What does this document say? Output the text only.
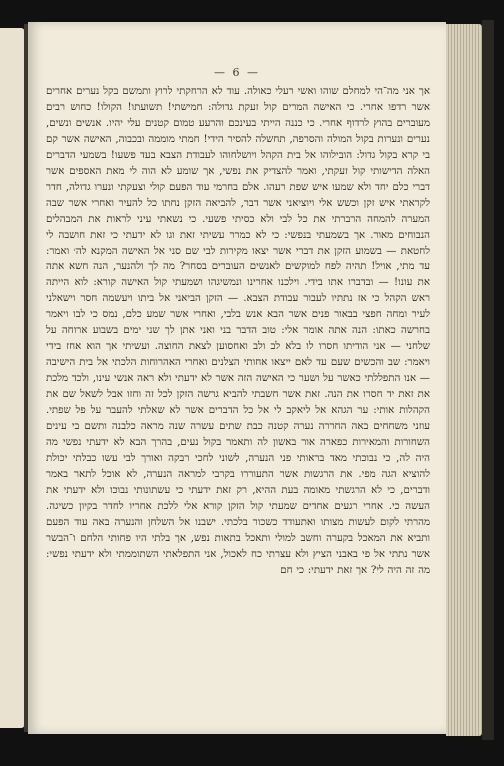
— 6 —
אך אני מה־הי למחלם שוהו ואשי רעלי כאולה. עוד לא הרחקתי לרוץ ותמשם בקל נערים אחרים אשר רדפו אחרי. כי האישה המרים קול זעקת גדולה: חמישתי! תשועתו! הקולו! כחוש רבים מעוברים בהוץ לרדוף אחרי. כי כננה הייתי בעינכם והרעע טמום קטנים עלי יהיו. אנשים ונשים, נערים ונערות בקול המולה והסרפה, תחשלה להסיר הידי! חמתי מוממה ובכבוה, האישה אשר קם בי קרא בקול גדול: הובילוהו אל בית הקהל ויושלחוהו לעבודת הצבא בעד פשעו! בשמעי הדברים האלה הדישותי קול זעקתי, ואמר להצדיק את נפשי, אך שומע לא הוה לי מאת האספים אשר דברי כלם יחד ולא שמעו איש שפת רעהו. אלם בחרמי עוד הפעם קולי וצעקתי ונערו גדולה, חדר לקראתי איש זקן וכשש אלי ויוציאני אשר דבר, להביאה הזקן נחתו כל להעיר ואחרי אשר שבה המערה להמחה הרברתי את כל לבי ולא כסיתי פשעי. כי נשאתי עיני לראות את המבהלים הנבוחים מאור. אך בשמעתי בנפשי: כי לא כמרר עשיתי זאת וגו לא ידעתי כי זאת חושבה לי לחטאת — בשמוע הזקן את דברי אשר יצאו מקירות לבי שם סני אל האישה המקנא לה׳ ואמר: עד מתי, אויל! תהיה לפח למוקשים לאנשים העוברים בסחר? מה לך ולהנער, הנה חשא אתה את עונו! — ובדברו אתו בידי. וילכנו אחרינו ונמשיגהו ושמעתי קול האישה קורא: לוא הייתה ראש הקהל כי אז נתתיו לעבור עבודת הצבא. — הזקן הביאני אל ביתו ויעשמה חסר וישאלני לעיר ומחה חפצי בבאור פנים אשר הבא אנש בלבי, ואחרי אשר שמע כלם, נמס כי לבו ויאמר בחרשה כאתו: הנה אתה אומר אלי: טוב הדבר בני ואני אתן לך שני ימים בשבוע ארוחה על שלחני — אני הודיתו חסרו לו בלא לב ולב ואחסוען לצאת החוצה. ועשיתי אך הוא אחז בידי ויאמר: שב והכשים שעם עד לאם ייצאו אחותי הצלנים ואחרי האהרוחות הלכתי אל בית הישיבה — אנו התפללתי כאשר על ושער כי האישה הזה אשר לא ידעתי ולא ראה אנשי עינו, ולכד מלכת את זאת יד חסרו את הנה. זאת אשר חשבתי להביא גרשה הזקן לכל זה וחזו אבל לשאל שם את הקהלות אותי: ער הגהא אל ליאקב לי אל כל הדברים אשר לא שאלתי להעבר על פל שפתי. עוזני משחחים באה החררה נערה קטנה כבת שתים עשרה שנה מראה כלבנה ותשם בי עינים השחורות והמאירות כפארה אור באשון לה ותאמר בקול נעים, בהרך הבא לא ידעתי נפשי מה היה לה, כי נבוכתי מאד בראותי פני הנערה, לשוני לחכי רבקה ואורך לבי עשו כבלתי יכולת להוציא הגה מפי. את הרגשות אשר התעוררו בקרבי למראה הנערה, לא אוכל לתאר באמר ודברים, כי לא הרגשתי מאומה בעת ההיא, רק זאת ידעתי כי עשתונותי נבוכו ולא ידעתי את העשה כי. אחרי רגעים אחדים שמעתי קול הזקן קורא אלי ללכת אחריו לחדר בקיון כשיגה. מהרתי לקום לעשות מצותו ואתעודד כשכור בלכתי. ישבנו אל השלחן והנערה באה עוד הפעם ותביא את המאכל בקערה וחשב למולי ותאכל בתאות נפש, אך בלתי היו פחותי הלחם ו־הבשר אשר נתתי אל פי באבני הציץ ולא עצרתי כח לאכול, אני התפלאתי השתוממתי ולא ידעתי נפשי: מה זה היה לי? אך זאת ידעתי: כי חם
